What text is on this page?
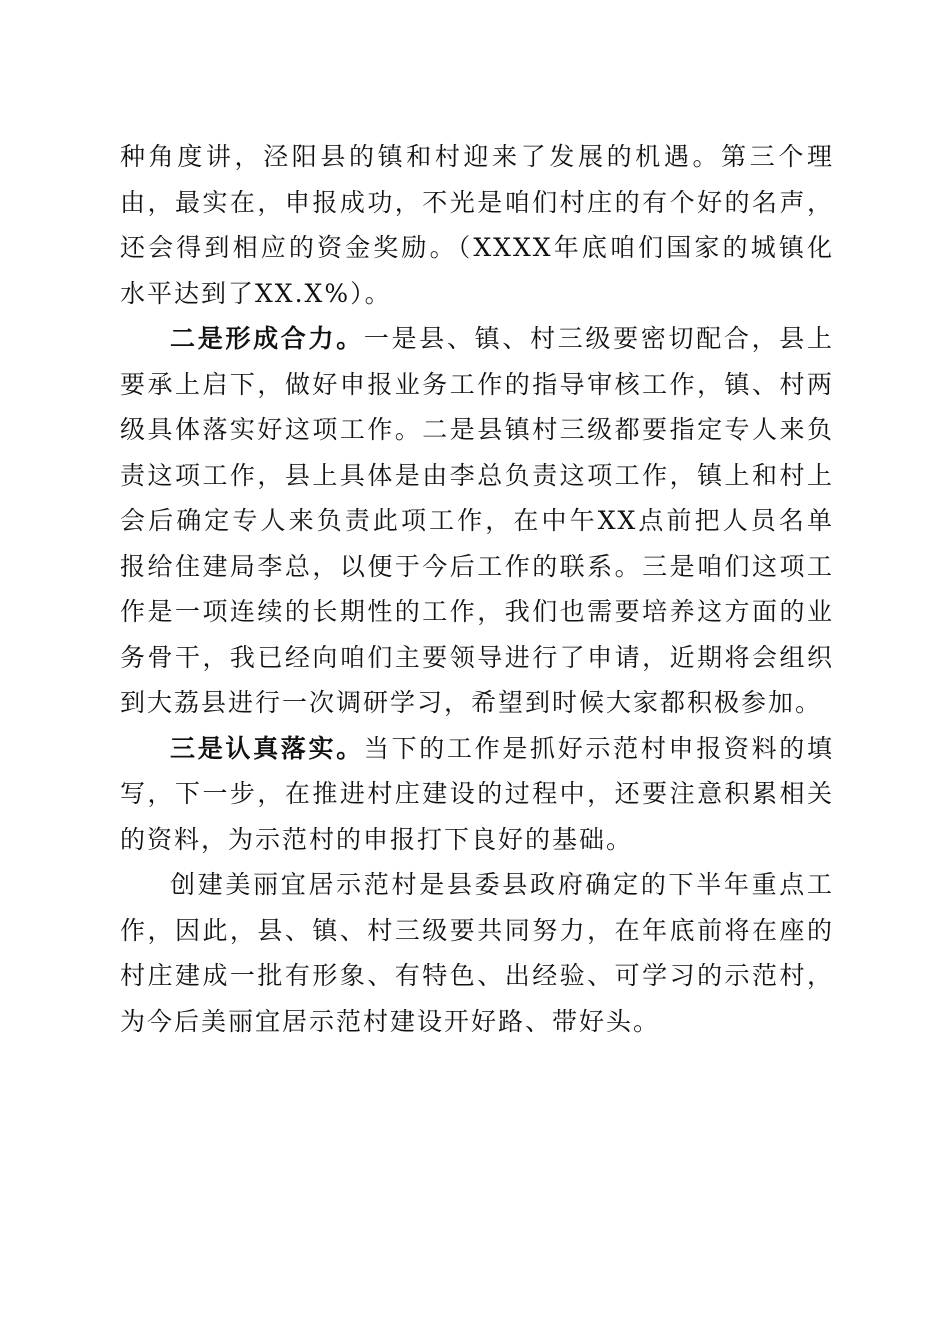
种角度讲，泾阳县的镇和村迎来了发展的机遇。第三个理由，最实在，申报成功，不光是咱们村庄的有个好的名声，还会得到相应的资金奖励。（XXXX年底咱们国家的城镇化水平达到了XX.X%）。

二是形成合力。一是县、镇、村三级要密切配合，县上要承上启下，做好申报业务工作的指导审核工作，镇、村两级具体落实好这项工作。二是县镇村三级都要指定专人来负责这项工作，县上具体是由李总负责这项工作，镇上和村上会后确定专人来负责此项工作，在中午XX点前把人员名单报给住建局李总，以便于今后工作的联系。三是咱们这项工作是一项连续的长期性的工作，我们也需要培养这方面的业务骨干，我已经向咱们主要领导进行了申请，近期将会组织到大荔县进行一次调研学习，希望到时候大家都积极参加。

三是认真落实。当下的工作是抓好示范村申报资料的填写，下一步，在推进村庄建设的过程中，还要注意积累相关的资料，为示范村的申报打下良好的基础。

创建美丽宜居示范村是县委县政府确定的下半年重点工作，因此，县、镇、村三级要共同努力，在年底前将在座的村庄建成一批有形象、有特色、出经验、可学习的示范村，为今后美丽宜居示范村建设开好路、带好头。
